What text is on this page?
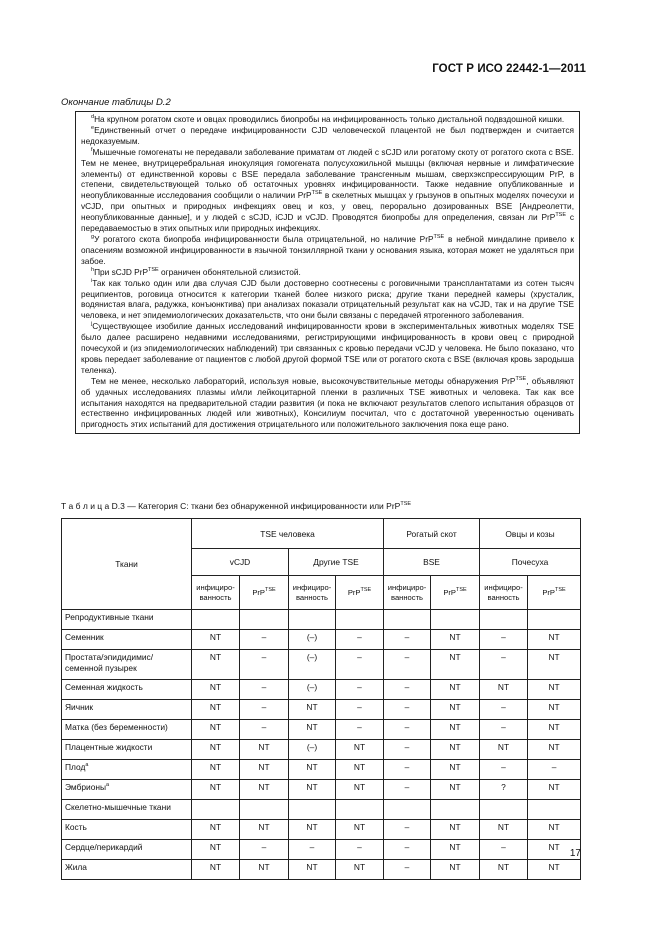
ГОСТ Р ИСО 22442-1—2011
Окончание таблицы D.2

$^d$На крупном рогатом скоте и овцах проводились биопробы на инфицированность только дистальной подвздошной кишки.

$^e$Единственный отчет о передаче инфицированности CJD человеческой плацентой не был подтвержден и считается недоказуемым.

$^f$Мышечные гомогенаты не передавали заболевание приматам от людей с sCJD или рогатому скоту от рогатого скота с BSE. Тем не менее, внутрицеребральная инокуляция гомогената полусухожильной мышцы (включая нервные и лимфатические элементы) от единственной коровы с BSE передала заболевание трансгенным мышам, сверхэкспрессирующим PrP, в степени, свидетельствующей только об остаточных уровнях инфицированности. Также недавние опубликованные и неопубликованные исследования сообщили о наличии PrP$^{TSE}$ в скелетных мышцах у грызунов в опытных моделях почесухи и vCJD, при опытных и природных инфекциях овец и коз, у овец, перорально дозированных BSE [Андреолетти, неопубликованные данные], и у людей с sCJD, iCJD и vCJD. Проводятся биопробы для определения, связан ли PrP$^{TSE}$ с передаваемостью в этих опытных или природных инфекциях.

$^g$У рогатого скота биопроба инфицированности была отрицательной, но наличие PrP$^{TSE}$ в небной миндалине привело к опасениям возможной инфицированности в язычной тонзиллярной ткани у основания языка, которая может не удаляться при забое.

$^h$При sCJD PrP$^{TSE}$ ограничен обонятельной слизистой.

$^i$Так как только один или два случая CJD были достоверно соотнесены с роговичными трансплантатами из сотен тысяч реципиентов, роговица относится к категории тканей более низкого риска; другие ткани передней камеры (хрусталик, водянистая влага, радужка, конъюнктива) при анализах показали отрицательный результат как на vCJD, так и на другие TSE человека, и нет эпидемиологических доказательств, что они были связаны с передачей ятрогенного заболевания.

$^j$Существующее изобилие данных исследований инфицированности крови в экспериментальных животных моделях TSE было далее расширено недавними исследованиями, регистрирующими инфицированность в крови овец с природной почесухой и (из эпидемиологических наблюдений) три связанных с кровью передачи vCJD у человека. Не было показано, что кровь передает заболевание от пациентов с любой другой формой TSE или от рогатого скота с BSE (включая кровь зародыша теленка).

Тем не менее, несколько лабораторий, используя новые, высокочувствительные методы обнаружения PrP$^{TSE}$, объявляют об удачных исследованиях плазмы и/или лейкоцитарной пленки в различных TSE животных и человека. Так как все испытания находятся на предварительной стадии развития (и пока не включают результатов слепого испытания образцов от естественно инфицированных людей или животных), Консилиум посчитал, что с достаточной уверенностью оценивать пригодность этих испытаний для достижения отрицательного или положительного заключения пока еще рано.

Т а б л и ц а D.3 — Категория C: ткани без обнаруженной инфицированности или PrP$^{TSE}$
Ткани	TSE человека				Рогатый скот		Овцы и козы	
	vCJD		Другие TSE		BSE		Почесуха	
	инфициро-ванность	PrP$^{TSE}$	инфициро-ванность	PrP$^{TSE}$	инфициро-ванность	PrP$^{TSE}$	инфициро-ванность	PrP$^{TSE}$
Репродуктивные ткани								
Семенник	NT	–	(–)	–	–	NT	–	NT
Простата/эпидидимис/семенной пузырек	NT	–	(–)	–	–	NT	–	NT
Семенная жидкость	NT	–	(–)	–	–	NT	NT	NT
Яичник	NT	–	NT	–	–	NT	–	NT
Матка (без беременности)	NT	–	NT	–	–	NT	–	NT
Плацентные жидкости	NT	NT	(–)	NT	–	NT	NT	NT
Плод$^a$	NT	NT	NT	NT	–	NT	–	–
Эмбрионы$^a$	NT	NT	NT	NT	–	NT	?	NT
Скелетно-мышечные ткани								
Кость	NT	NT	NT	NT	–	NT	NT	NT
Сердце/перикардий	NT	–	–	–	–	NT	–	NT
Жила	NT	NT	NT	NT	–	NT	NT	NT
17
